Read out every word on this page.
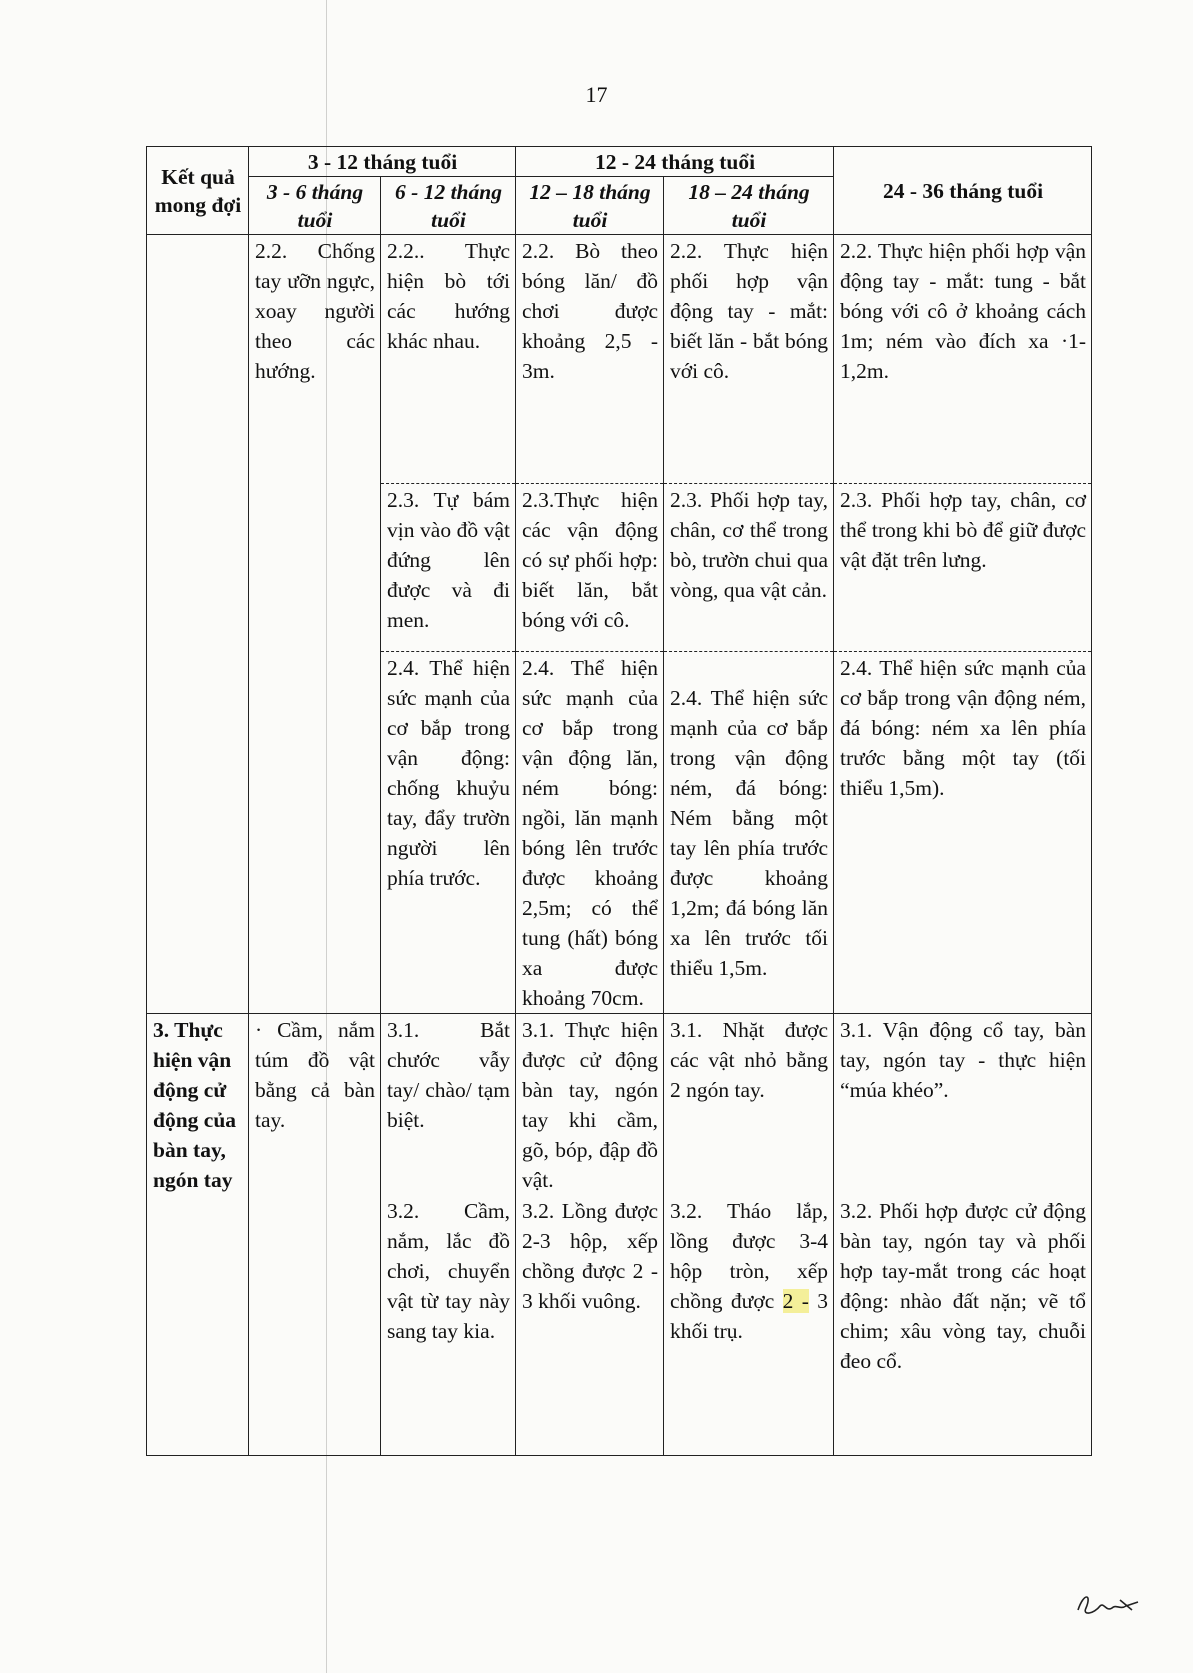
17
Kết quả mong đợi	3 - 12 tháng tuổi		12 - 24 tháng tuổi		24 - 36 tháng tuổi
	3 - 6 tháng tuổi	6 - 12 tháng tuổi	12 – 18 tháng tuổi	18 – 24 tháng tuổi	
	2.2. Chống tay ưỡn ngực, xoay người theo các hướng.	2.2.. Thực hiện bò tới các hướng khác nhau.	2.2. Bò theo bóng lăn/ đồ chơi được khoảng 2,5 - 3m.	2.2. Thực hiện phối hợp vận động tay - mắt: biết lăn - bắt bóng với cô.	2.2. Thực hiện phối hợp vận động tay - mắt: tung - bắt bóng với cô ở khoảng cách 1m; ném vào đích xa ·1-1,2m.
		2.3. Tự bám vịn vào đồ vật đứng lên được và đi men.	2.3.Thực hiện các vận động có sự phối hợp: biết lăn, bắt bóng với cô.	2.3. Phối hợp tay, chân, cơ thể trong bò, trườn chui qua vòng, qua vật cản.	2.3. Phối hợp tay, chân, cơ thể trong khi bò để giữ được vật đặt trên lưng.
		2.4. Thể hiện sức mạnh của cơ bắp trong vận động: chống khuỷu tay, đẩy trườn người lên phía trước.	2.4. Thể hiện sức mạnh của cơ bắp trong vận động lăn, ném bóng: ngồi, lăn mạnh bóng lên trước được khoảng 2,5m; có thể tung (hất) bóng xa được khoảng 70cm.	2.4. Thể hiện sức mạnh của cơ bắp trong vận động ném, đá bóng: Ném bằng một tay lên phía trước được khoảng 1,2m; đá bóng lăn xa lên trước tối thiểu 1,5m.	2.4. Thể hiện sức mạnh của cơ bắp trong vận động ném, đá bóng: ném xa lên phía trước bằng một tay (tối thiểu 1,5m).
3. Thực hiện vận động cử động của bàn tay, ngón tay	· Cầm, nắm túm đồ vật bằng cả bàn tay.	3.1. Bắt chước vẫy tay/ chào/ tạm biệt.	3.1. Thực hiện được cử động bàn tay, ngón tay khi cầm, gõ, bóp, đập đồ vật.	3.1. Nhặt được các vật nhỏ bằng 2 ngón tay.	3.1. Vận động cổ tay, bàn tay, ngón tay - thực hiện “múa khéo”.
		3.2. Cầm, nắm, lắc đồ chơi, chuyển vật từ tay này sang tay kia.	3.2. Lồng được 2-3 hộp, xếp chồng được 2 - 3 khối vuông.	3.2. Tháo lắp, lồng được 3-4 hộp tròn, xếp chồng được 2 - 3 khối trụ.	3.2. Phối hợp được cử động bàn tay, ngón tay và phối hợp tay-mắt trong các hoạt động: nhào đất nặn; vẽ tổ chim; xâu vòng tay, chuỗi đeo cổ.
